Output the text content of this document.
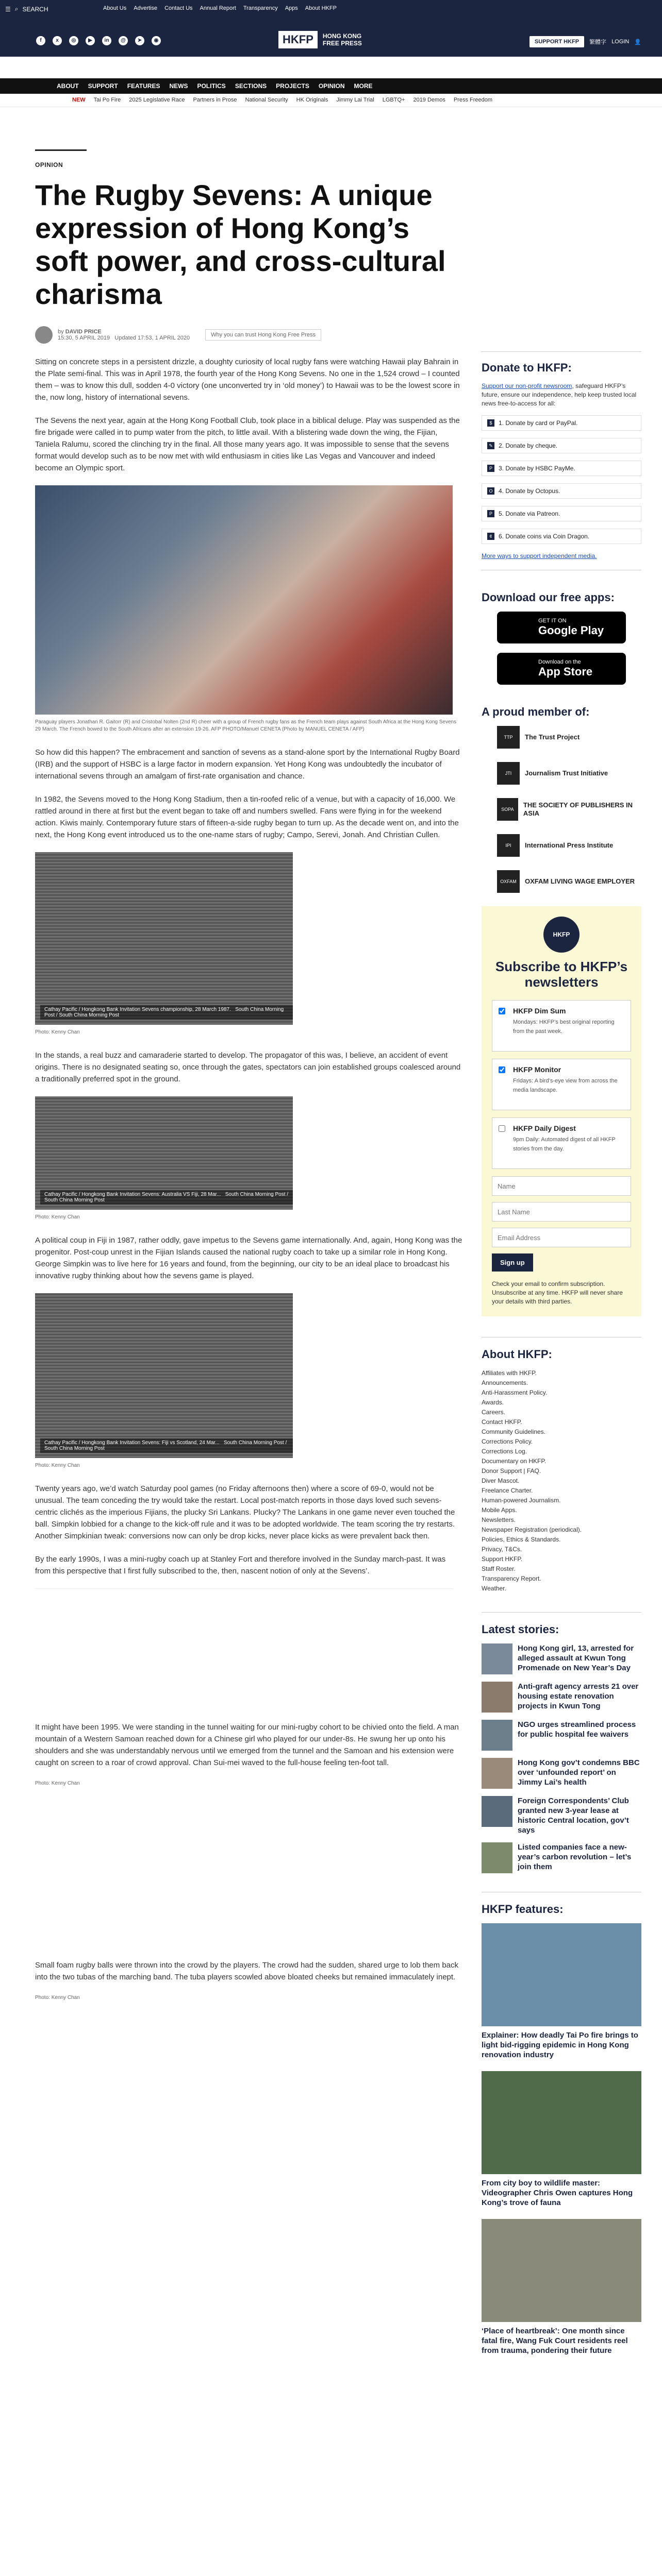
☰ ⌕ SEARCH	About Us Advertise Contact Us Annual Report Transparency Apps About HKFP
f	x	◎	▶	in	@	➤	◉	HKFP	HONG KONG
FREE PRESS	SUPPORT HKFP	繁體字 LOGIN 👤
ABOUT SUPPORT FEATURES NEWS POLITICS SECTIONS PROJECTS OPINION MORE
NEW Tai Po Fire 2025 Legislative Race Partners in Prose National Security HK Originals Jimmy Lai Trial LGBTQ+ 2019 Demos Press Freedom
OPINION
The Rugby Sevens: A unique expression of Hong Kong’s soft power, and cross-cultural charisma
by DAVID PRICE
15:30, 5 APRIL 2019 Updated 17:53, 1 APRIL 2020	Why you can trust Hong Kong Free Press

Sitting on concrete steps in a persistent drizzle, a doughty curiosity of local rugby fans were watching Hawaii play Bahrain in the Plate semi-final. This was in April 1978, the fourth year of the Hong Kong Sevens. No one in the 1,524 crowd – I counted them – was to know this dull, sodden 4-0 victory (one unconverted try in ‘old money’) to Hawaii was to be the lowest score in the, now long, history of international sevens.

The Sevens the next year, again at the Hong Kong Football Club, took place in a biblical deluge. Play was suspended as the fire brigade were called in to pump water from the pitch, to little avail. With a blistering wade down the wing, the Fijian, Taniela Ralumu, scored the clinching try in the final. All those many years ago. It was impossible to sense that the sevens format would develop such as to be now met with wild enthusiasm in cities like Las Vegas and Vancouver and indeed become an Olympic sport.

Paraguay players Jonathan R. Gaitorr (R) and Cristobal Nolten (2nd R) cheer with a group of French rugby fans as the French team plays against South Africa at the Hong Kong Sevens 29 March. The French bowed to the South Africans after an extension 19-26. AFP PHOTO/Manuel CENETA (Photo by MANUEL CENETA / AFP)

So how did this happen? The embracement and sanction of sevens as a stand-alone sport by the International Rugby Board (IRB) and the support of HSBC is a large factor in modern expansion. Yet Hong Kong was undoubtedly the incubator of international sevens through an amalgam of first-rate organisation and chance.

In 1982, the Sevens moved to the Hong Kong Stadium, then a tin-roofed relic of a venue, but with a capacity of 16,000. We rattled around in there at first but the event began to take off and numbers swelled. Fans were flying in for the weekend action. Kiwis mainly. Contemporary future stars of fifteen-a-side rugby began to turn up. As the decade went on, and into the next, the Hong Kong event introduced us to the one-name stars of rugby; Campo, Serevi, Jonah. And Christian Cullen.

Cathay Pacific / Hongkong Bank Invitation Sevens championship, 28 March 1987. South China Morning Post / South China Morning Post
Photo: Kenny Chan

In the stands, a real buzz and camaraderie started to develop. The propagator of this was, I believe, an accident of event origins. There is no designated seating so, once through the gates, spectators can join established groups coalesced around a traditionally preferred spot in the ground.

Cathay Pacific / Hongkong Bank Invitation Sevens: Australia VS Fiji, 28 Mar... South China Morning Post / South China Morning Post
Photo: Kenny Chan

A political coup in Fiji in 1987, rather oddly, gave impetus to the Sevens game internationally. And, again, Hong Kong was the progenitor. Post-coup unrest in the Fijian Islands caused the national rugby coach to take up a similar role in Hong Kong. George Simpkin was to live here for 16 years and found, from the beginning, our city to be an ideal place to broadcast his innovative rugby thinking about how the sevens game is played.

Cathay Pacific / Hongkong Bank Invitation Sevens: Fiji vs Scotland, 24 Mar... South China Morning Post / South China Morning Post
Photo: Kenny Chan

Twenty years ago, we’d watch Saturday pool games (no Friday afternoons then) where a score of 69-0, would not be unusual. The team conceding the try would take the restart. Local post-match reports in those days loved such sevens-centric clichés as the imperious Fijians, the plucky Sri Lankans. Plucky? The Lankans in one game never even touched the ball. Simpkin lobbied for a change to the kick-off rule and it was to be adopted worldwide. The team scoring the try restarts. Another Simpkinian tweak: conversions now can only be drop kicks, never place kicks as were prevalent back then.

By the early 1990s, I was a mini-rugby coach up at Stanley Fort and therefore involved in the Sunday march-past. It was from this perspective that I first fully subscribed to the, then, nascent notion of only at the Sevens’.

It might have been 1995. We were standing in the tunnel waiting for our mini-rugby cohort to be chivied onto the field. A man mountain of a Western Samoan reached down for a Chinese girl who played for our under-8s. He swung her up onto his shoulders and she was understandably nervous until we emerged from the tunnel and the Samoan and his extension were caught on screen to a roar of crowd approval. Chan Sui-mei waved to the full-house feeling ten-foot tall.

Photo: Kenny Chan

Small foam rugby balls were thrown into the crowd by the players. The crowd had the sudden, shared urge to lob them back into the two tubas of the marching band. The tuba players scowled above bloated cheeks but remained immaculately inept.

Photo: Kenny Chan
Donate to HKFP:

Support our non-profit newsroom, safeguard HKFP’s future, ensure our independence, help keep trusted local news free-to-access for all:

$	1. Donate by card or PayPal.
✎ 2. Donate by cheque.
P	3. Donate by HSBC PayMe.
O 4. Donate by Octopus.
P	5. Donate via Patreon.
¢	6. Donate coins via Coin Dragon.
More ways to support independent media.
Download our free apps:
GET IT ON
Google Play
Download on the
App Store
A proud member of:
TTP	The Trust Project
JTI	Journalism Trust Initiative
SOPA
THE SOCIETY OF PUBLISHERS IN ASIA
IPI	International Press Institute
OXFAM	OXFAM LIVING WAGE EMPLOYER
HKFP
Subscribe to HKFP’s newsletters
HKFP Dim Sum
Mondays: HKFP’s best original reporting from the past week.
HKFP Monitor
Fridays: A bird’s-eye view from across the media landscape.
HKFP Daily Digest
9pm Daily: Automated digest of all HKFP stories from the day.
Name Last Name Email Address
Sign up
Check your email to confirm subscription. Unsubscribe at any time. HKFP will never share your details with third parties.
About HKFP:
Affiliates with HKFP.
Announcements.
Anti-Harassment Policy.
Awards.
Careers.
Contact HKFP.
Community Guidelines.
Corrections Policy.
Corrections Log.
Documentary on HKFP.
Donor Support | FAQ.
Diver Mascot.
Freelance Charter.
Human-powered Journalism.
Mobile Apps.
Newsletters.
Newspaper Registration (periodical).
Policies, Ethics & Standards.
Privacy, T&Cs.
Support HKFP.
Staff Roster.
Transparency Report.
Weather.
Latest stories:
Hong Kong girl, 13, arrested for alleged assault at Kwun Tong Promenade on New Year’s Day
Anti-graft agency arrests 21 over housing estate renovation projects in Kwun Tong
NGO urges streamlined process for public hospital fee waivers
Hong Kong gov’t condemns BBC over ‘unfounded report’ on Jimmy Lai’s health
Foreign Correspondents’ Club granted new 3-year lease at historic Central location, gov’t says
Listed companies face a new-year’s carbon revolution – let’s join them
HKFP features:
Explainer: How deadly Tai Po fire brings to light bid-rigging epidemic in Hong Kong renovation industry
From city boy to wildlife master: Videographer Chris Owen captures Hong Kong’s trove of fauna
‘Place of heartbreak’: One month since fatal fire, Wang Fuk Court residents reel from trauma, pondering their future
